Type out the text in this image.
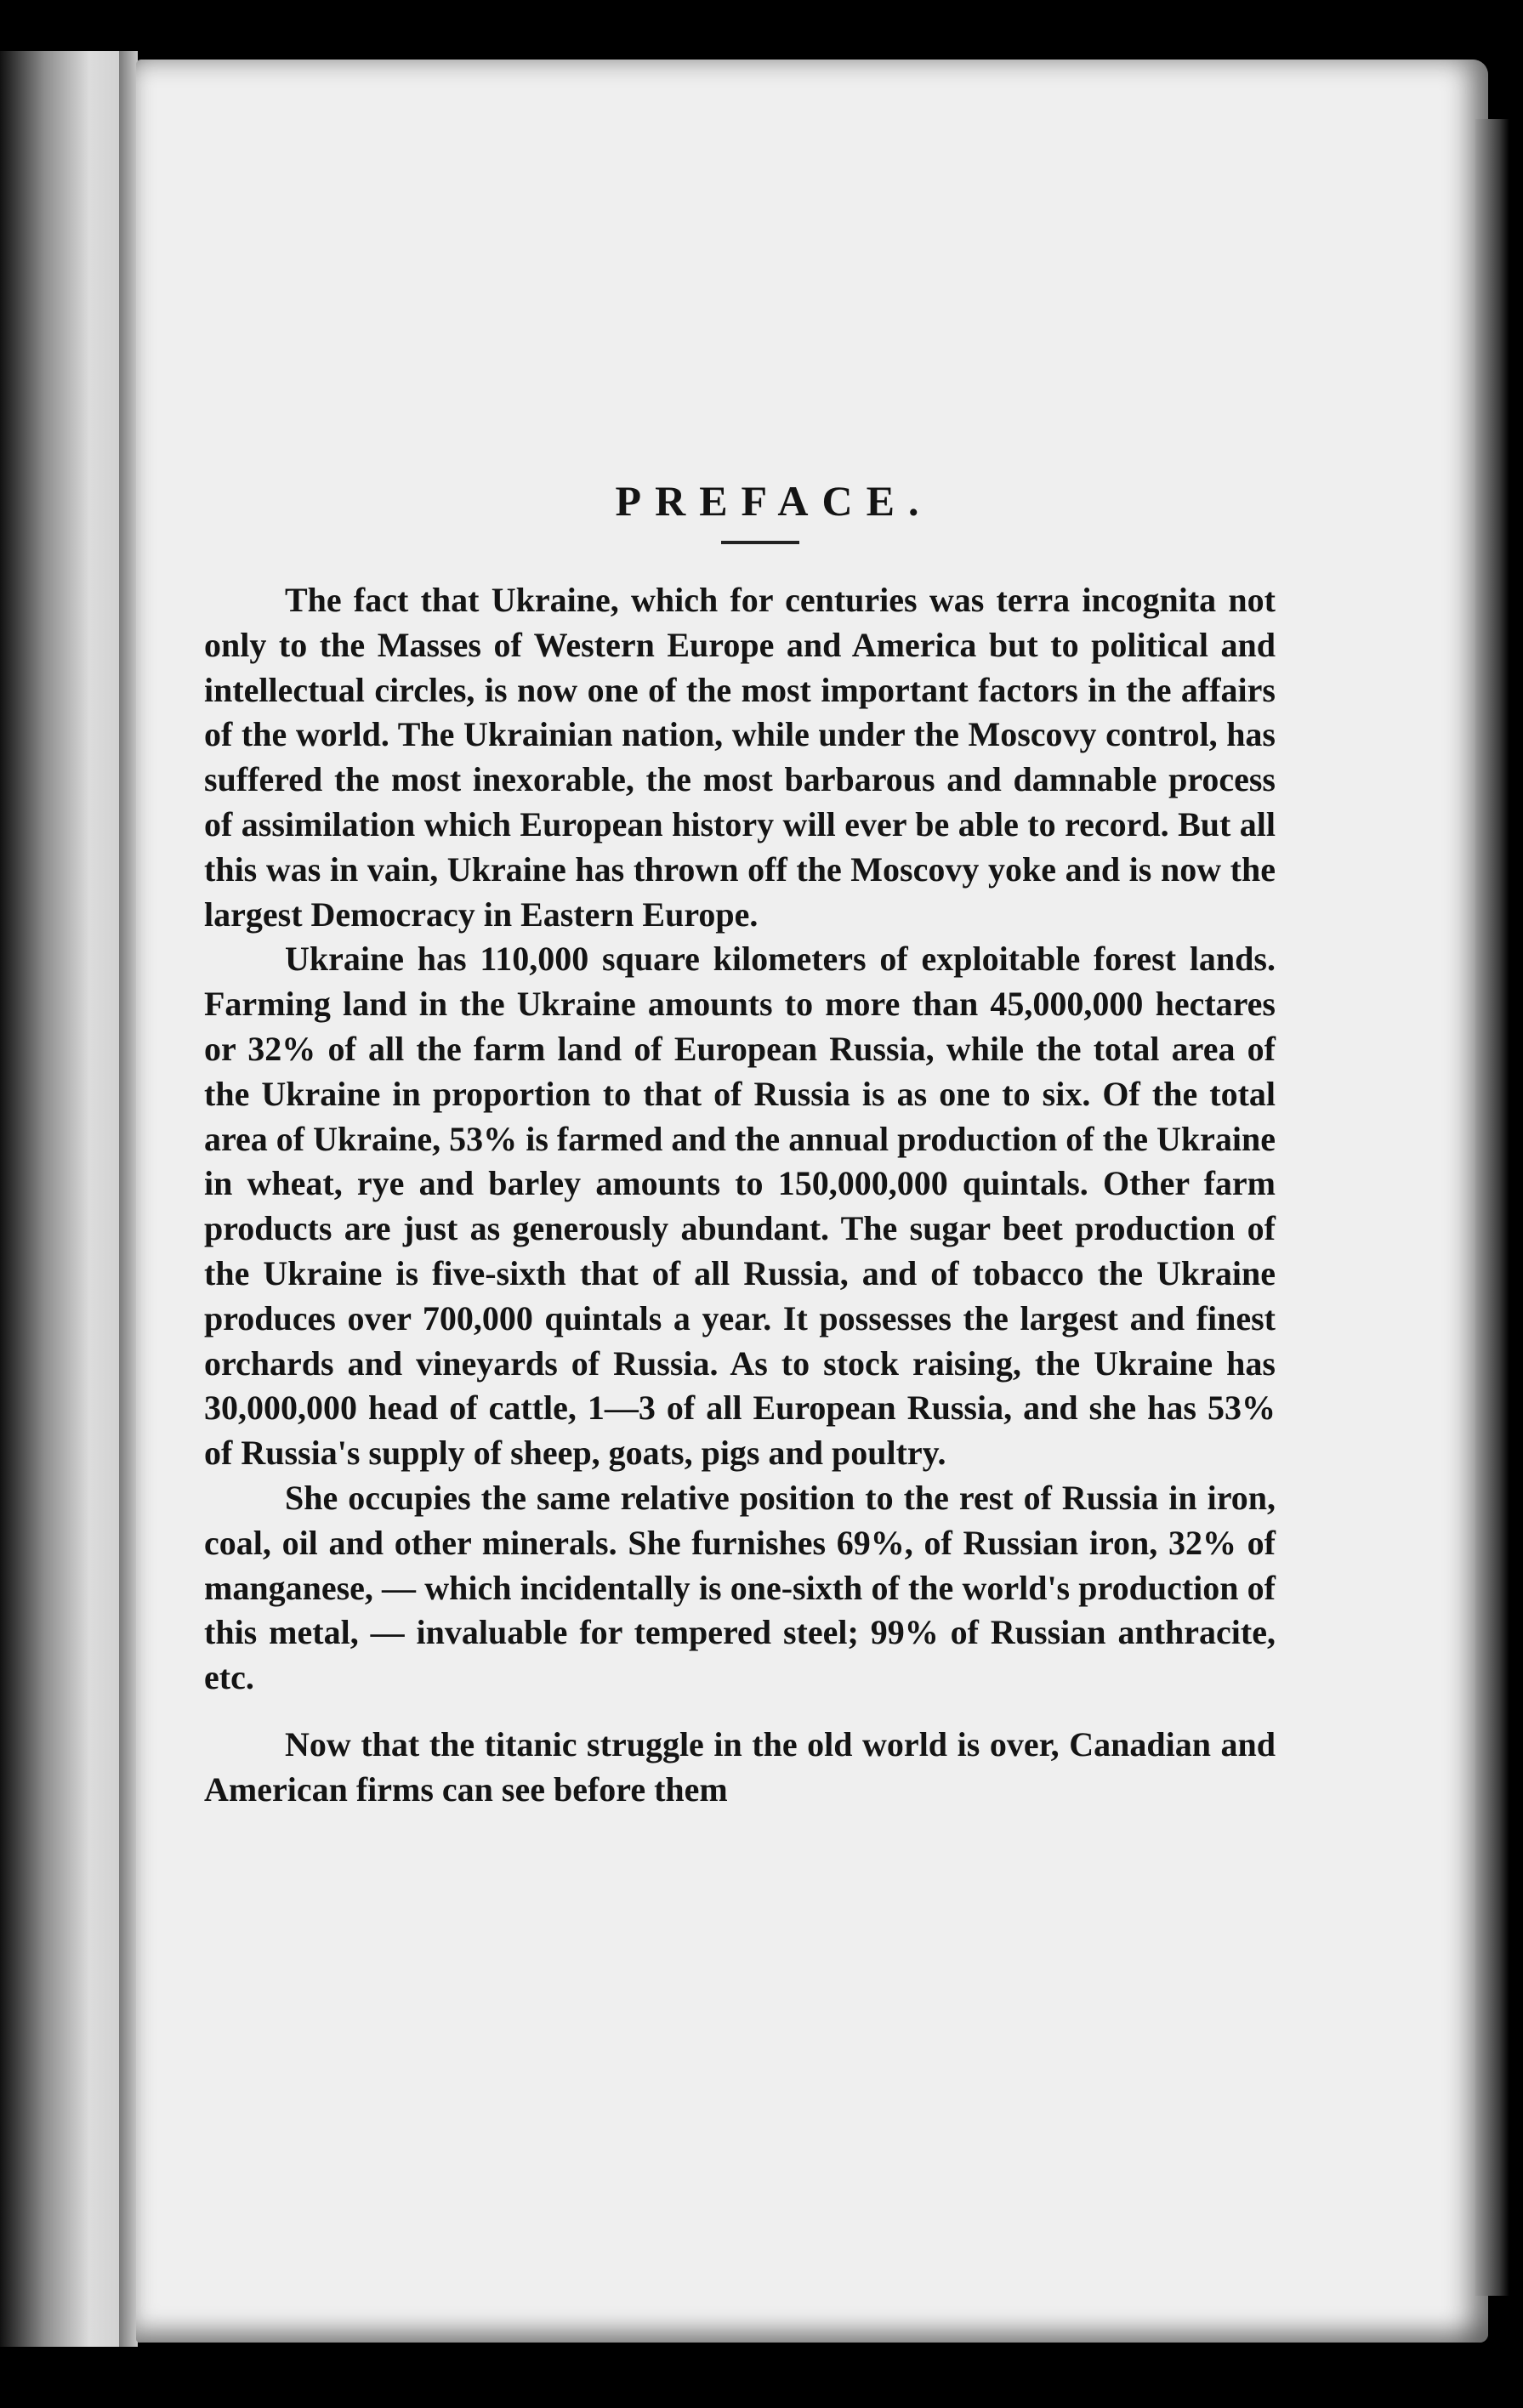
PREFACE.

The fact that Ukraine, which for centuries was terra incognita not only to the Masses of Western Europe and America but to political and intellectual circles, is now one of the most important factors in the affairs of the world. The Ukrainian nation, while under the Moscovy control, has suffered the most inexorable, the most barbarous and damnable process of assimilation which European history will ever be able to record. But all this was in vain, Ukraine has thrown off the Moscovy yoke and is now the largest Democracy in Eastern Europe.

Ukraine has 110,000 square kilometers of exploitable forest lands. Farming land in the Ukraine amounts to more than 45,000,000 hectares or 32% of all the farm land of European Russia, while the total area of the Ukraine in proportion to that of Russia is as one to six. Of the total area of Ukraine, 53% is farmed and the annual production of the Ukraine in wheat, rye and barley amounts to 150,000,000 quintals. Other farm products are just as generously abundant. The sugar beet production of the Ukraine is five-sixth that of all Russia, and of tobacco the Ukraine produces over 700,000 quintals a year. It possesses the largest and finest orchards and vineyards of Russia. As to stock raising, the Ukraine has 30,000,000 head of cattle, 1—3 of all European Russia, and she has 53% of Russia's supply of sheep, goats, pigs and poultry.

She occupies the same relative position to the rest of Russia in iron, coal, oil and other minerals. She furnishes 69%, of Russian iron, 32% of manganese, — which incidentally is one-sixth of the world's production of this metal, — invaluable for tempered steel; 99% of Russian anthracite, etc.

Now that the titanic struggle in the old world is over, Canadian and American firms can see before them
